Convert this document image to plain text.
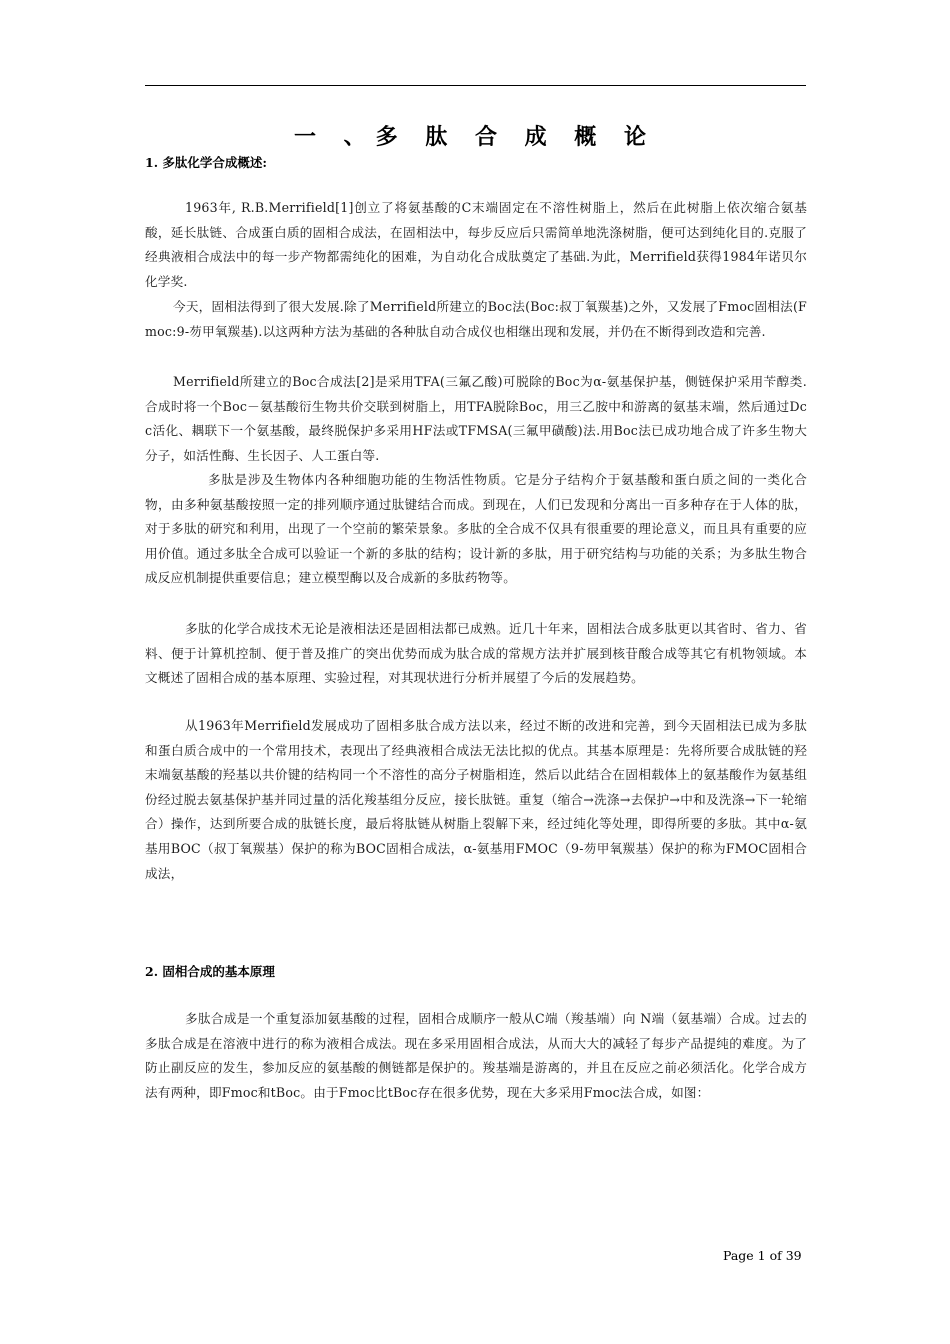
一 、多 肽 合 成 概 论
1. 多肽化学合成概述:
1963年, R.B.Merrifield[1]创立了将氨基酸的C末端固定在不溶性树脂上，然后在此树脂上依次缩合氨基酸，延长肽链、合成蛋白质的固相合成法，在固相法中，每步反应后只需简单地洗涤树脂，便可达到纯化目的.克服了经典液相合成法中的每一步产物都需纯化的困难，为自动化合成肽奠定了基础.为此，Merrifield获得1984年诺贝尔化学奖.
今天，固相法得到了很大发展.除了Merrifield所建立的Boc法(Boc:叔丁氧羰基)之外，又发展了Fmoc固相法(Fmoc:9-芴甲氧羰基).以这两种方法为基础的各种肽自动合成仪也相继出现和发展，并仍在不断得到改造和完善.
Merrifield所建立的Boc合成法[2]是采用TFA(三氟乙酸)可脱除的Boc为α-氨基保护基，侧链保护采用苄醇类.合成时将一个Boc－氨基酸衍生物共价交联到树脂上，用TFA脱除Boc，用三乙胺中和游离的氨基末端，然后通过Dcc活化、耦联下一个氨基酸，最终脱保护多采用HF法或TFMSA(三氟甲磺酸)法.用Boc法已成功地合成了许多生物大分子，如活性酶、生长因子、人工蛋白等.
多肽是涉及生物体内各种细胞功能的生物活性物质。它是分子结构介于氨基酸和蛋白质之间的一类化合物，由多种氨基酸按照一定的排列顺序通过肽键结合而成。到现在，人们已发现和分离出一百多种存在于人体的肽，对于多肽的研究和利用，出现了一个空前的繁荣景象。多肽的全合成不仅具有很重要的理论意义，而且具有重要的应用价值。通过多肽全合成可以验证一个新的多肽的结构；设计新的多肽，用于研究结构与功能的关系；为多肽生物合成反应机制提供重要信息；建立模型酶以及合成新的多肽药物等。
多肽的化学合成技术无论是液相法还是固相法都已成熟。近几十年来，固相法合成多肽更以其省时、省力、省料、便于计算机控制、便于普及推广的突出优势而成为肽合成的常规方法并扩展到核苷酸合成等其它有机物领域。本文概述了固相合成的基本原理、实验过程，对其现状进行分析并展望了今后的发展趋势。
从1963年Merrifield发展成功了固相多肽合成方法以来，经过不断的改进和完善，到今天固相法已成为多肽和蛋白质合成中的一个常用技术，表现出了经典液相合成法无法比拟的优点。其基本原理是：先将所要合成肽链的羟末端氨基酸的羟基以共价键的结构同一个不溶性的高分子树脂相连，然后以此结合在固相载体上的氨基酸作为氨基组份经过脱去氨基保护基并同过量的活化羧基组分反应，接长肽链。重复（缩合→洗涤→去保护→中和及洗涤→下一轮缩合）操作，达到所要合成的肽链长度，最后将肽链从树脂上裂解下来，经过纯化等处理，即得所要的多肽。其中α-氨基用BOC（叔丁氧羰基）保护的称为BOC固相合成法，α-氨基用FMOC（9-芴甲氧羰基）保护的称为FMOC固相合成法，
2. 固相合成的基本原理
多肽合成是一个重复添加氨基酸的过程，固相合成顺序一般从C端（羧基端）向 N端（氨基端）合成。过去的多肽合成是在溶液中进行的称为液相合成法。现在多采用固相合成法，从而大大的减轻了每步产品提纯的难度。为了防止副反应的发生，参加反应的氨基酸的侧链都是保护的。羧基端是游离的，并且在反应之前必须活化。化学合成方法有两种，即Fmoc和tBoc。由于Fmoc比tBoc存在很多优势，现在大多采用Fmoc法合成，如图：
Page 1 of 39
